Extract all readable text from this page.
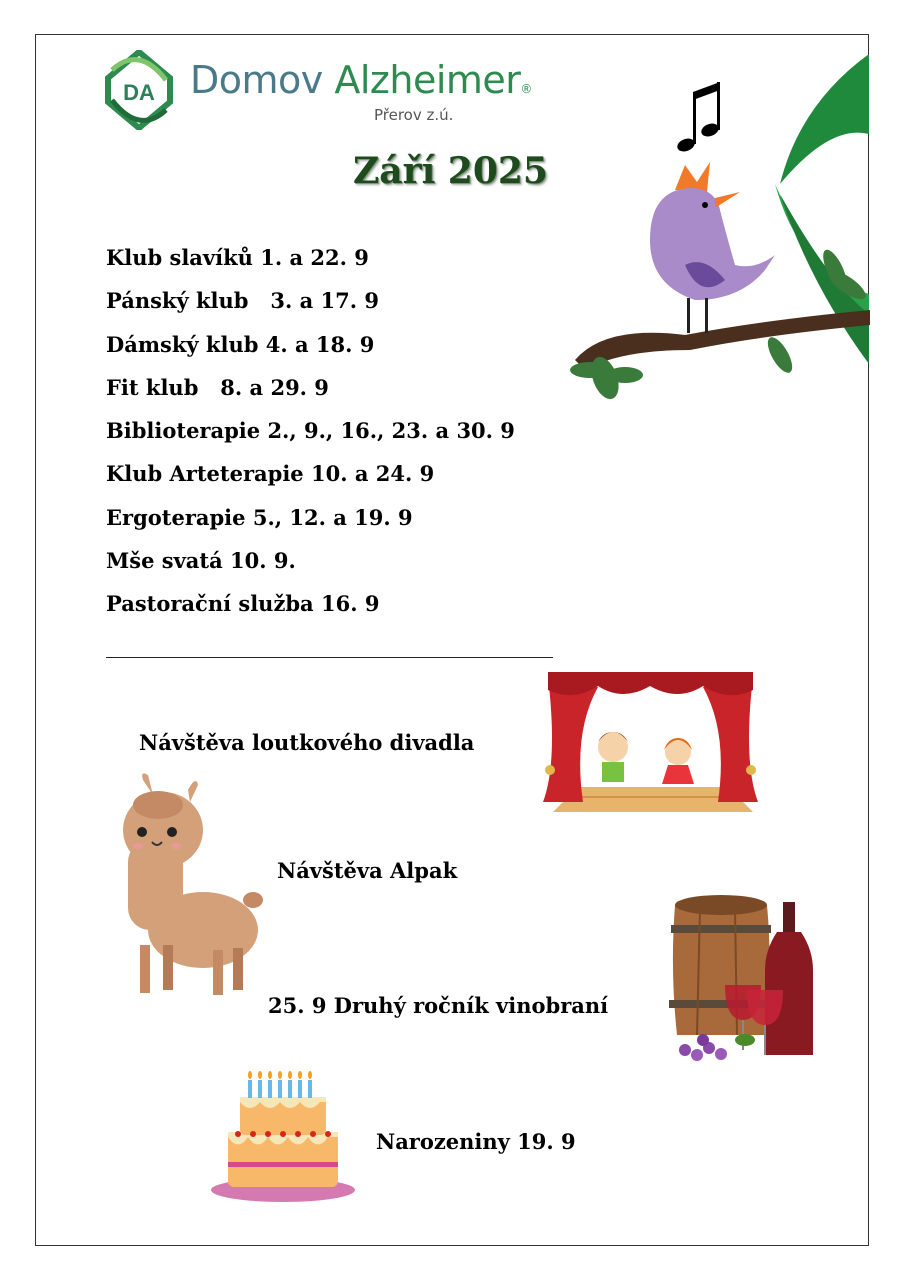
DA Domov Alzheimer®
Přerov z.ú.
Září 2025
Klub slavíků 1. a 22. 9
Pánský klub   3. a 17. 9
Dámský klub 4. a 18. 9
Fit klub   8. a 29. 9
Biblioterapie 2., 9., 16., 23. a 30. 9
Klub Arteterapie 10. a 24. 9
Ergoterapie 5., 12. a 19. 9
Mše svatá 10. 9.
Pastorační služba 16. 9
Návštěva loutkového divadla
Návštěva Alpak
25. 9 Druhý ročník vinobraní
Narozeniny 19. 9
